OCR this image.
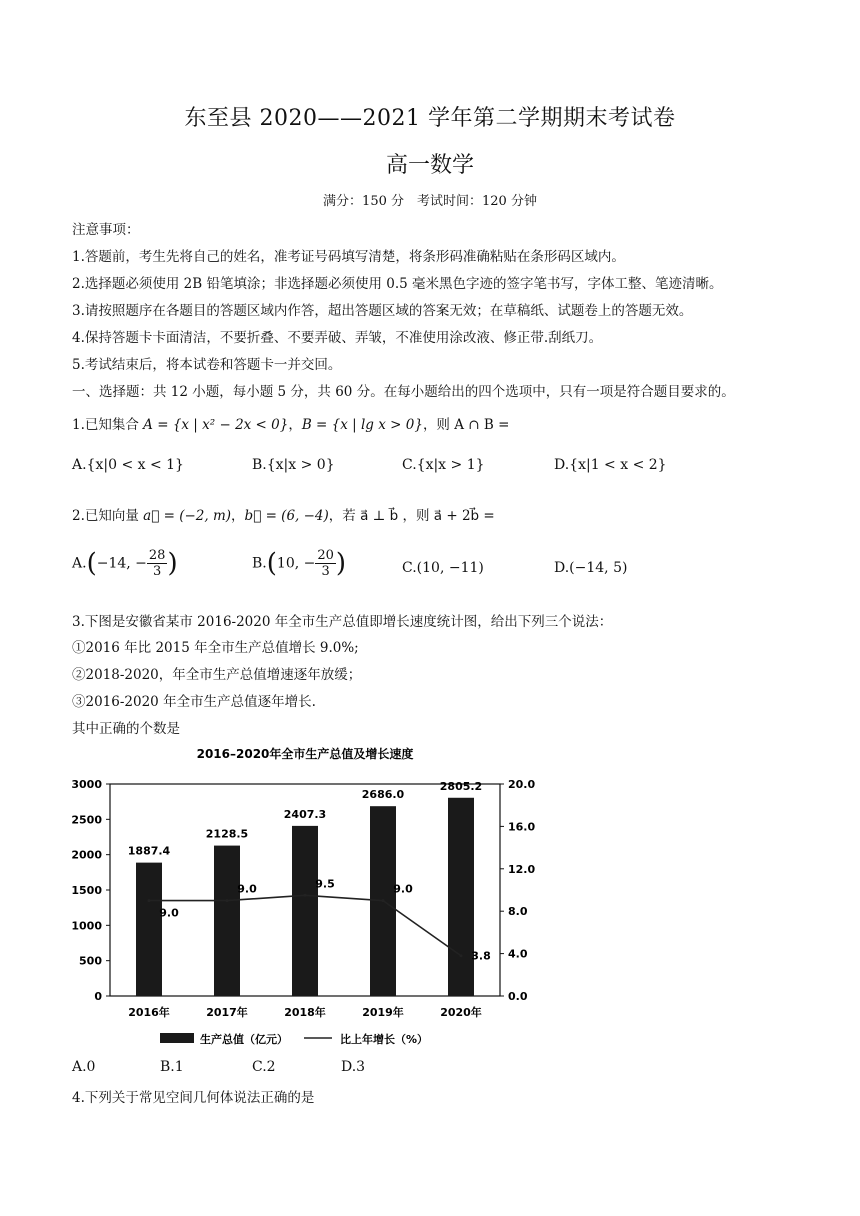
东至县 2020——2021 学年第二学期期末考试卷
高一数学
满分：150 分　考试时间：120 分钟
注意事项：
1.答题前，考生先将自己的姓名，准考证号码填写清楚，将条形码准确粘贴在条形码区域内。
2.选择题必须使用 2B 铅笔填涂；非选择题必须使用 0.5 毫米黑色字迹的签字笔书写，字体工整、笔迹清晰。
3.请按照题序在各题目的答题区域内作答，超出答题区域的答案无效；在草稿纸、试题卷上的答题无效。
4.保持答题卡卡面清洁，不要折叠、不要弄破、弄皱，不准使用涂改液、修正带.刮纸刀。
5.考试结束后，将本试卷和答题卡一并交回。
一、选择题：共 12 小题，每小题 5 分，共 60 分。在每小题给出的四个选项中，只有一项是符合题目要求的。
1.已知集合 A = {x | x² − 2x < 0}，B = {x | lg x > 0}，则 A ∩ B =
A.{x|0 < x < 1}	B.{x|x > 0}	C.{x|x > 1}	D.{x|1 < x < 2}
2.已知向量 a⃗ = (−2, m)，b⃗ = (6, −4)，若 a⃗ ⊥ b⃗ ，则 a⃗ + 2b⃗ =
A.(−14, − $\frac{28}{3}$ )	B.(10, − $\frac{20}{3}$ )	C.(10, −11)	D.(−14, 5)
3.下图是安徽省某市 2016-2020 年全市生产总值即增长速度统计图，给出下列三个说法：
①2016 年比 2015 年全市生产总值增长 9.0%;
②2018-2020，年全市生产总值增速逐年放缓；
③2016-2020 年全市生产总值逐年增长.
其中正确的个数是
2016–2020年全市生产总值及增长速度
0
500
1000
1500
2000
2500
3000
0.0
4.0
8.0
12.0
16.0
20.0
1887.4
2128.5
2407.3
2686.0
2805.2
9.0
9.0	9.5	9.0
3.8
2016年	2017年	2018年	2019年	2020年
生产总值（亿元）	比上年增长（%）
A.0	B.1	C.2	D.3
4.下列关于常见空间几何体说法正确的是
